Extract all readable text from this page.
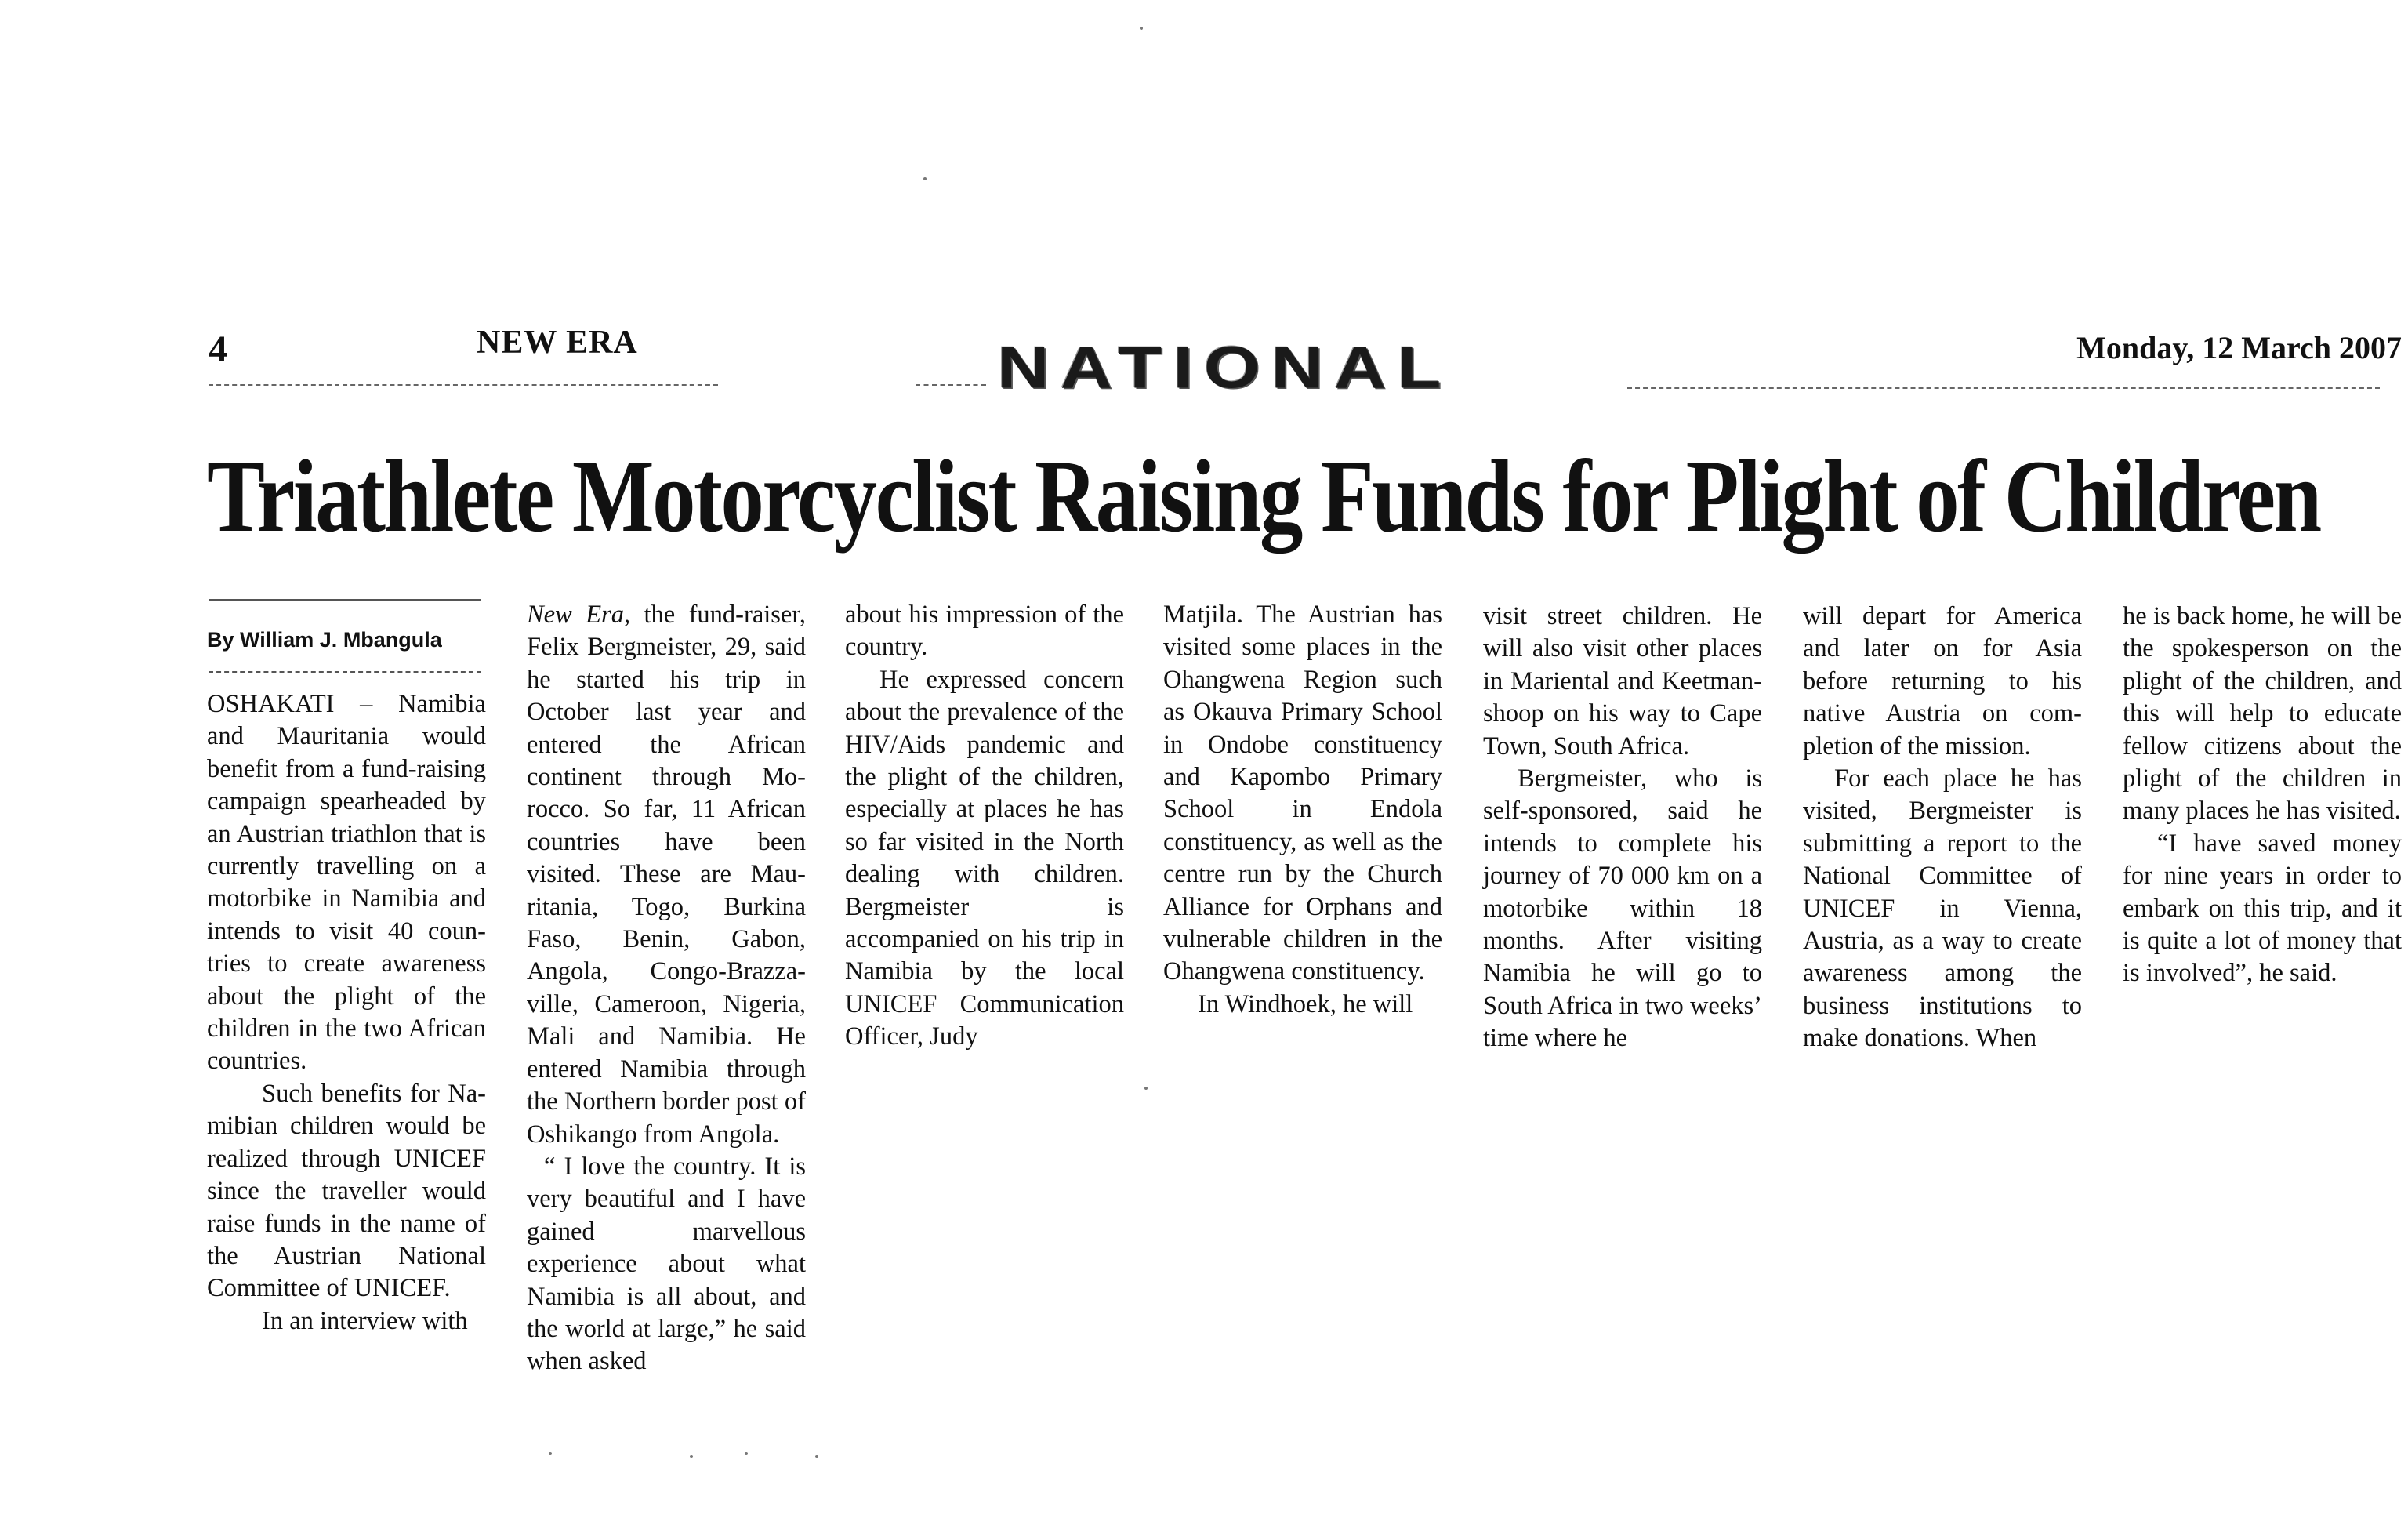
4	NEW ERA	NATIONAL	Monday, 12 March 2007
Triathlete Motorcyclist Raising Funds for Plight of Children
By William J. Mbangula

OSHAKATI – Namibia and Mauritania would benefit from a fund-raising campaign spearheaded by an Austrian triathlon that is currently travelling on a motorbike in Namibia and intends to visit 40 countries to create awareness about the plight of the children in the two African countries.

Such benefits for Namibian children would be realized through UNICEF since the traveller would raise funds in the name of the Austrian National Committee of UNICEF.

In an interview with

New Era, the fund-raiser, Felix Bergmeister, 29, said he started his trip in October last year and entered the African continent through Morocco. So far, 11 African countries have been visited. These are Mauritania, Togo, Burkina Faso, Benin, Gabon, Angola, Congo-Brazzaville, Cameroon, Nigeria, Mali and Namibia. He entered Namibia through the Northern border post of Oshikango from Angola.

“ I love the country. It is very beautiful and I have gained marvellous experience about what Namibia is all about, and the world at large,” he said when asked

about his impression of the country.

He expressed concern about the prevalence of the HIV/Aids pandemic and the plight of the children, especially at places he has so far visited in the North dealing with children. Bergmeister is accompanied on his trip in Namibia by the local UNICEF Communication Officer, Judy

Matjila. The Austrian has visited some places in the Ohangwena Region such as Okauva Primary School in Ondobe constituency and Kapombo Primary School in Endola constituency, as well as the centre run by the Church Alliance for Orphans and vulnerable children in the Ohangwena constituency.

In Windhoek, he will

visit street children. He will also visit other places in Mariental and Keetmanshoop on his way to Cape Town, South Africa.

Bergmeister, who is self-sponsored, said he intends to complete his journey of 70 000 km on a motorbike within 18 months. After visiting Namibia he will go to South Africa in two weeks’ time where he

will depart for America and later on for Asia before returning to his native Austria on completion of the mission.

For each place he has visited, Bergmeister is submitting a report to the National Committee of UNICEF in Vienna, Austria, as a way to create awareness among the business institutions to make donations. When

he is back home, he will be the spokesperson on the plight of the children, and this will help to educate fellow citizens about the plight of the children in many places he has visited.

“I have saved money for nine years in order to embark on this trip, and it is quite a lot of money that is involved”, he said.
